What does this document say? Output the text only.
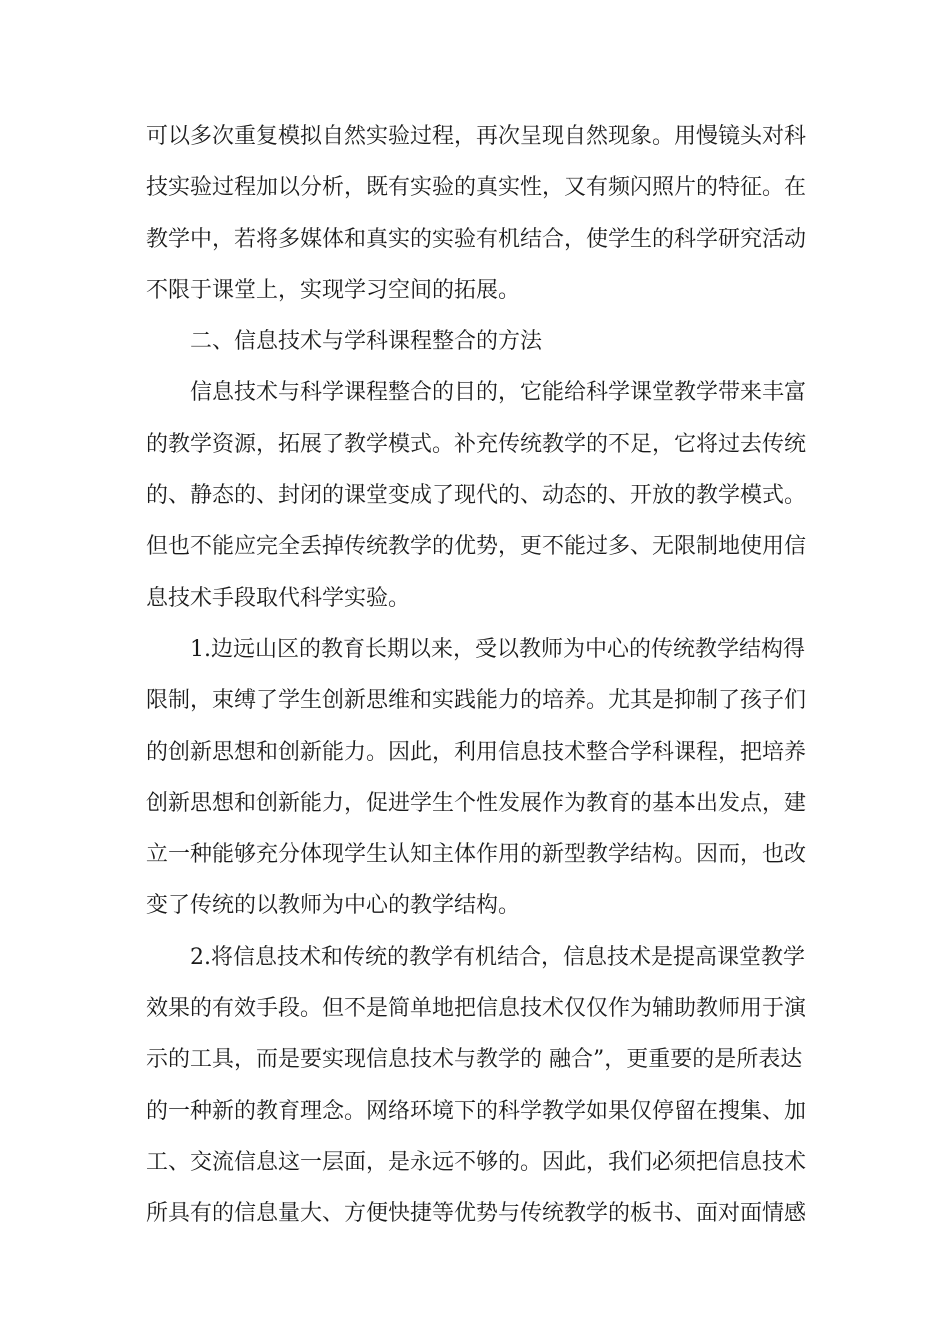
可以多次重复模拟自然实验过程，再次呈现自然现象。用慢镜头对科
技实验过程加以分析，既有实验的真实性，又有频闪照片的特征。在
教学中，若将多媒体和真实的实验有机结合，使学生的科学研究活动
不限于课堂上，实现学习空间的拓展。
二、信息技术与学科课程整合的方法
信息技术与科学课程整合的目的，它能给科学课堂教学带来丰富
的教学资源，拓展了教学模式。补充传统教学的不足，它将过去传统
的、静态的、封闭的课堂变成了现代的、动态的、开放的教学模式。
但也不能应完全丢掉传统教学的优势，更不能过多、无限制地使用信
息技术手段取代科学实验。
1.边远山区的教育长期以来，受以教师为中心的传统教学结构得
限制，束缚了学生创新思维和实践能力的培养。尤其是抑制了孩子们
的创新思想和创新能力。因此，利用信息技术整合学科课程，把培养
创新思想和创新能力，促进学生个性发展作为教育的基本出发点，建
立一种能够充分体现学生认知主体作用的新型教学结构。因而，也改
变了传统的以教师为中心的教学结构。
2.将信息技术和传统的教学有机结合，信息技术是提高课堂教学
效果的有效手段。但不是简单地把信息技术仅仅作为辅助教师用于演
示的工具，而是要实现信息技术与教学的 融合”，更重要的是所表达
的一种新的教育理念。网络环境下的科学教学如果仅停留在搜集、加
工、交流信息这一层面，是永远不够的。因此，我们必须把信息技术
所具有的信息量大、方便快捷等优势与传统教学的板书、面对面情感
